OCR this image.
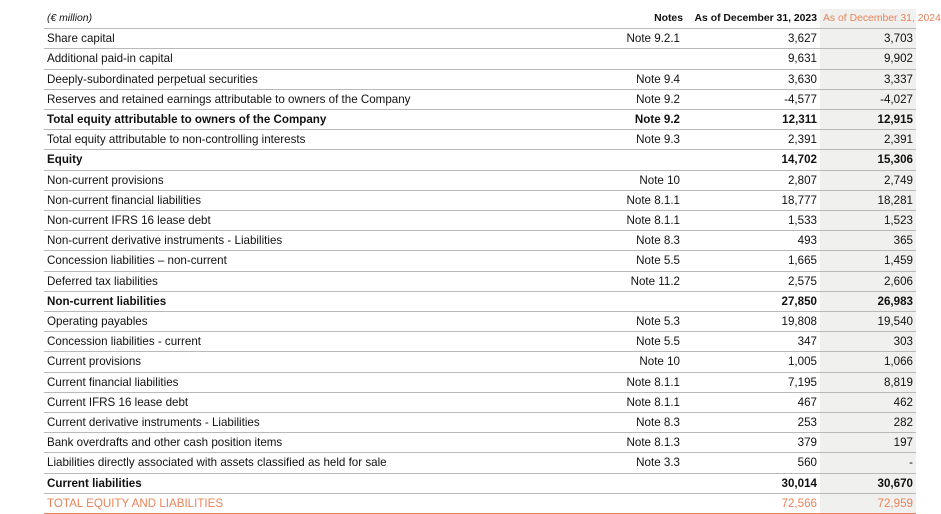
(€ million)	Notes	As of December 31, 2023	As of December 31, 2024
Share capital	Note 9.2.1	3,627	3,703
Additional paid-in capital		9,631	9,902
Deeply-subordinated perpetual securities	Note 9.4	3,630	3,337
Reserves and retained earnings attributable to owners of the Company	Note 9.2	-4,577	-4,027
Total equity attributable to owners of the Company	Note 9.2	12,311	12,915
Total equity attributable to non-controlling interests	Note 9.3	2,391	2,391
Equity		14,702	15,306
Non-current provisions	Note 10	2,807	2,749
Non-current financial liabilities	Note 8.1.1	18,777	18,281
Non-current IFRS 16 lease debt	Note 8.1.1	1,533	1,523
Non-current derivative instruments - Liabilities	Note 8.3	493	365
Concession liabilities – non-current	Note 5.5	1,665	1,459
Deferred tax liabilities	Note 11.2	2,575	2,606
Non-current liabilities		27,850	26,983
Operating payables	Note 5.3	19,808	19,540
Concession liabilities - current	Note 5.5	347	303
Current provisions	Note 10	1,005	1,066
Current financial liabilities	Note 8.1.1	7,195	8,819
Current IFRS 16 lease debt	Note 8.1.1	467	462
Current derivative instruments - Liabilities	Note 8.3	253	282
Bank overdrafts and other cash position items	Note 8.1.3	379	197
Liabilities directly associated with assets classified as held for sale	Note 3.3	560	-
Current liabilities		30,014	30,670
TOTAL EQUITY AND LIABILITIES		72,566	72,959
